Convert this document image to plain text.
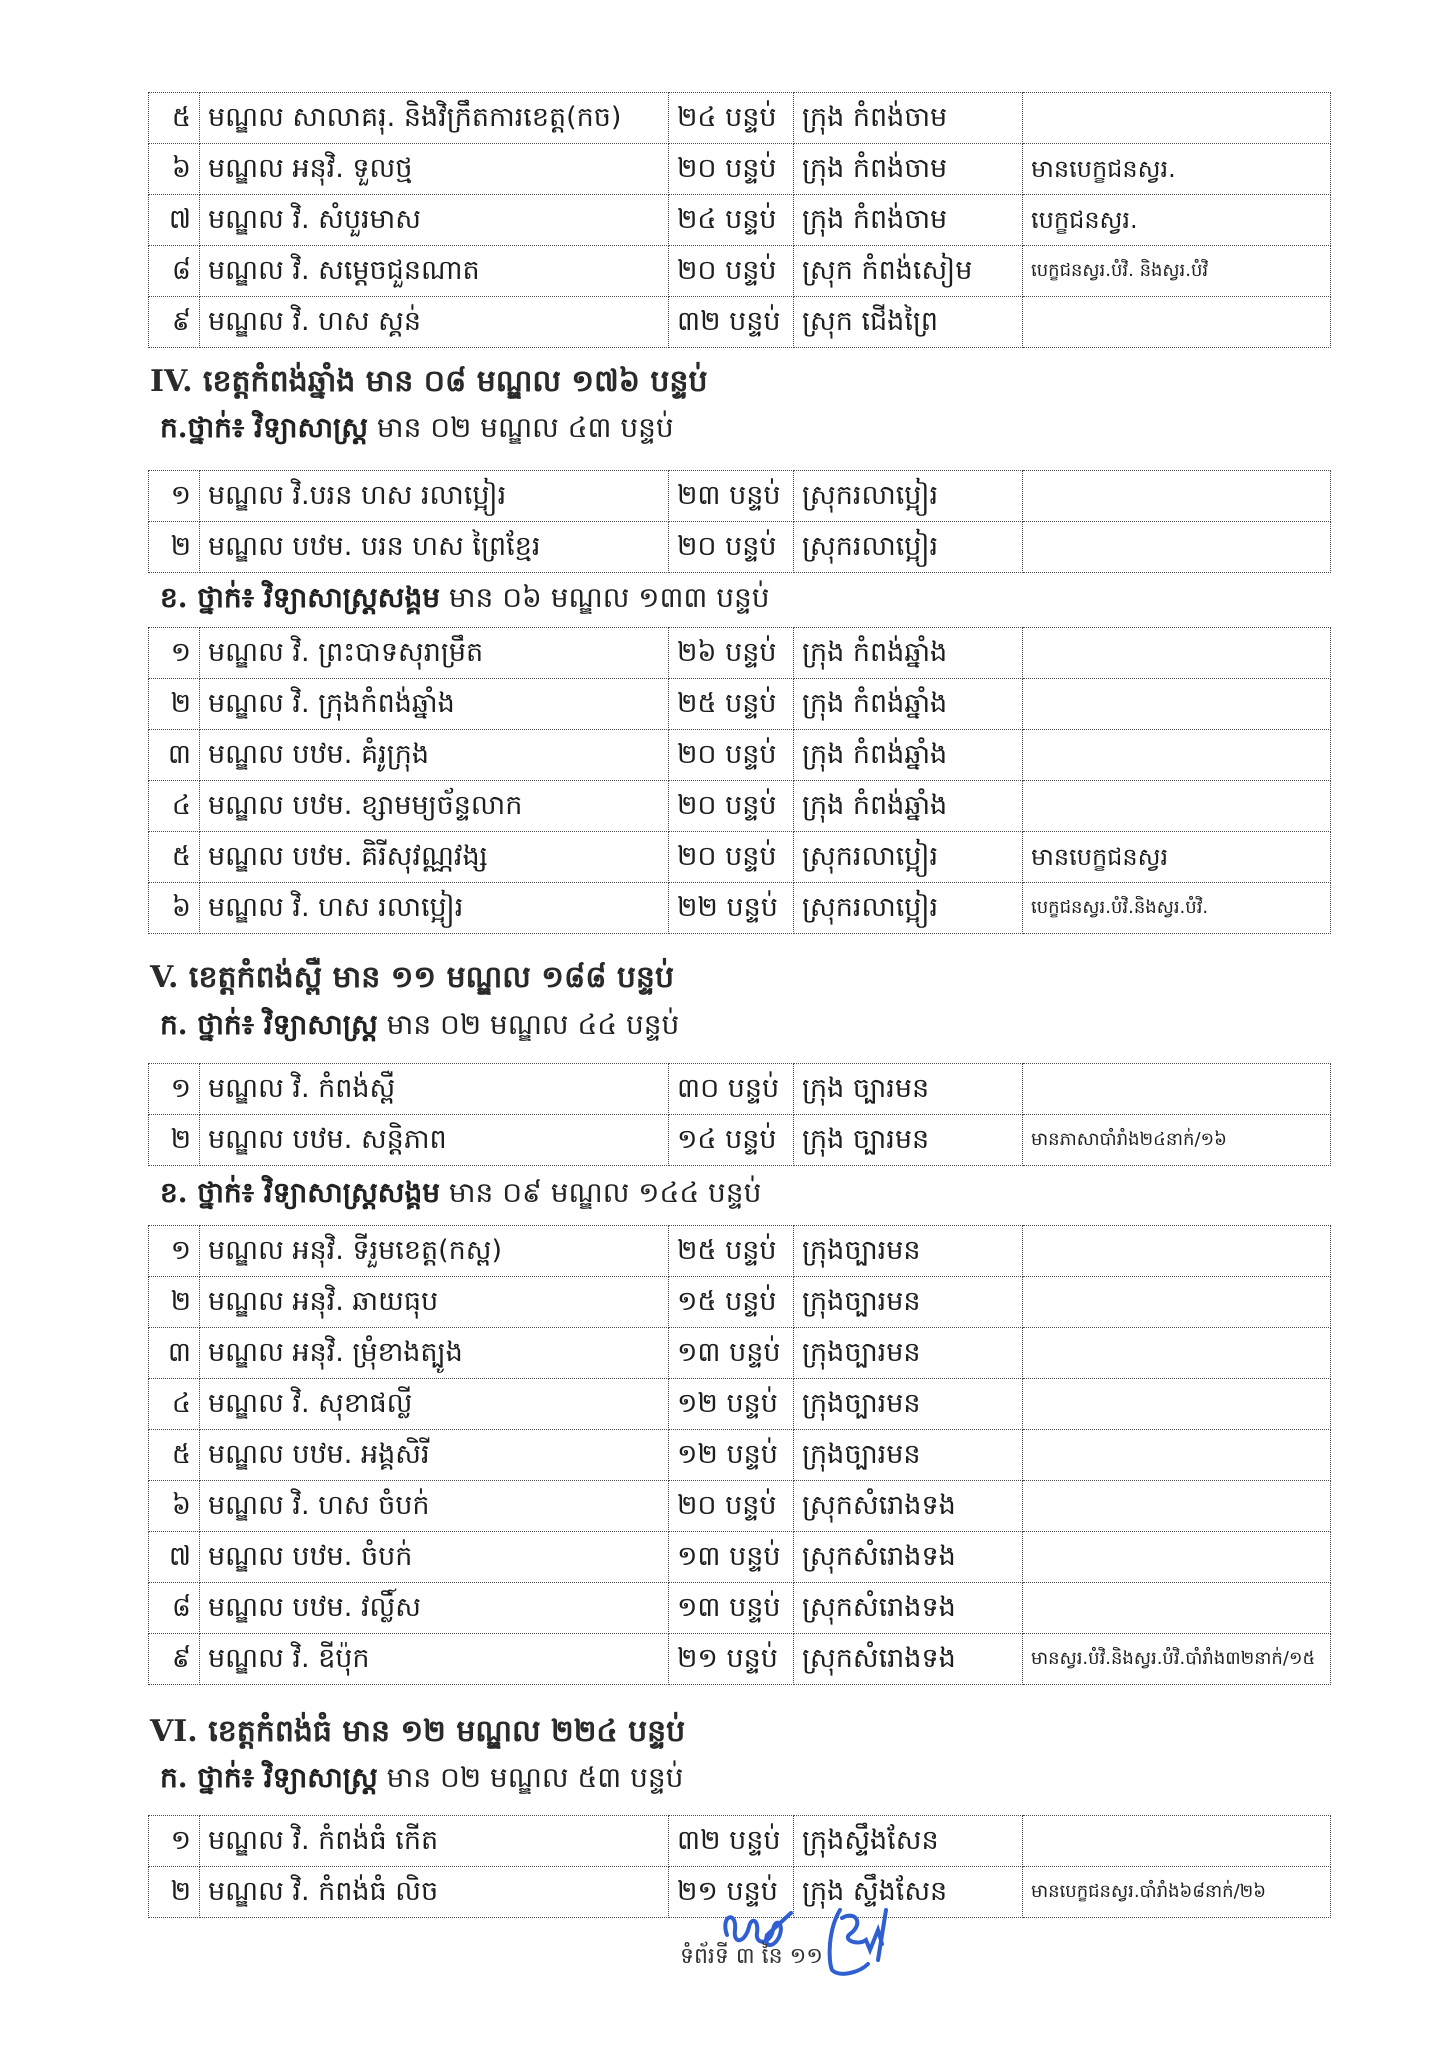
៥	មណ្ឌល សាលាគរុ. និងវិក្រឹតការខេត្ត(កច)	២៤ បន្ទប់	ក្រុង កំពង់ចាម	
៦	មណ្ឌល អនុវិ. ទួលថ្ម	២០ បន្ទប់	ក្រុង កំពង់ចាម	មានបេក្ខជនស្វរ.
៧	មណ្ឌល វិ. សំបួរមាស	២៤ បន្ទប់	ក្រុង កំពង់ចាម	បេក្ខជនស្វរ.
៨	មណ្ឌល វិ. សម្ដេចជួនណាត	២០ បន្ទប់	ស្រុក កំពង់សៀម	បេក្ខជនស្វរ.បំវិ. និងស្វរ.បំវិ
៩	មណ្ឌល វិ. ហស ស្គន់	៣២ បន្ទប់	ស្រុក ជើងព្រៃ	
IV. ខេត្តកំពង់ឆ្នាំង មាន ០៨ មណ្ឌល ១៧៦ បន្ទប់
ក.ថ្នាក់៖ វិទ្យាសាស្ត្រ មាន ០២ មណ្ឌល ៤៣ បន្ទប់
១	មណ្ឌល វិ.បរន ហស រលាប្អៀរ	២៣ បន្ទប់	ស្រុករលាប្អៀរ	
២	មណ្ឌល បឋម. បរន ហស ព្រៃខ្មែរ	២០ បន្ទប់	ស្រុករលាប្អៀរ	
ខ. ថ្នាក់៖ វិទ្យាសាស្ត្រសង្គម មាន ០៦ មណ្ឌល ១៣៣ បន្ទប់
១	មណ្ឌល វិ. ព្រះបាទសុរាម្រឹត	២៦ បន្ទប់	ក្រុង កំពង់ឆ្នាំង	
២	មណ្ឌល វិ. ក្រុងកំពង់ឆ្នាំង	២៥ បន្ទប់	ក្រុង កំពង់ឆ្នាំង	
៣	មណ្ឌល បឋម. គំរូក្រុង	២០ បន្ទប់	ក្រុង កំពង់ឆ្នាំង	
៤	មណ្ឌល បឋម. ខ្សាមម្យច័ន្ទលាក	២០ បន្ទប់	ក្រុង កំពង់ឆ្នាំង	
៥	មណ្ឌល បឋម. គិរីសុវណ្ណវង្ស	២០ បន្ទប់	ស្រុករលាប្អៀរ	មានបេក្ខជនស្វរ
៦	មណ្ឌល វិ. ហស រលាប្អៀរ	២២ បន្ទប់	ស្រុករលាប្អៀរ	បេក្ខជនស្វរ.បំវិ.និងស្វរ.បំវិ.
V. ខេត្តកំពង់ស្ពឺ មាន ១១ មណ្ឌល ១៨៨ បន្ទប់
ក. ថ្នាក់៖ វិទ្យាសាស្ត្រ មាន ០២ មណ្ឌល ៤៤ បន្ទប់
១	មណ្ឌល វិ. កំពង់ស្ពឺ	៣០ បន្ទប់	ក្រុង ច្បារមន	
២	មណ្ឌល បឋម. សន្តិភាព	១៤ បន្ទប់	ក្រុង ច្បារមន	មានភាសាបាំរាំង២៤នាក់/១៦
ខ. ថ្នាក់៖ វិទ្យាសាស្ត្រសង្គម មាន ០៩ មណ្ឌល ១៤៤ បន្ទប់
១	មណ្ឌល អនុវិ. ទីរួមខេត្ត(កស្ព)	២៥ បន្ទប់	ក្រុងច្បារមន	
២	មណ្ឌល អនុវិ. ឆាយធុប	១៥ បន្ទប់	ក្រុងច្បារមន	
៣	មណ្ឌល អនុវិ. ម្រុំខាងត្បូង	១៣ បន្ទប់	ក្រុងច្បារមន	
៤	មណ្ឌល វិ. សុខាផល្លី	១២ បន្ទប់	ក្រុងច្បារមន	
៥	មណ្ឌល បឋម. អង្គសិរី	១២ បន្ទប់	ក្រុងច្បារមន	
៦	មណ្ឌល វិ. ហស ចំបក់	២០ បន្ទប់	ស្រុកសំរោងទង	
៧	មណ្ឌល បឋម. ចំបក់	១៣ បន្ទប់	ស្រុកសំរោងទង	
៨	មណ្ឌល បឋម. វល្លិ៍ស	១៣ បន្ទប់	ស្រុកសំរោងទង	
៩	មណ្ឌល វិ. ឧីប៉ុក	២១ បន្ទប់	ស្រុកសំរោងទង	មានស្វរ.បំវិ.និងស្វរ.បំវិ.បាំរាំង៣២នាក់/១៥
VI. ខេត្តកំពង់ធំ មាន ១២ មណ្ឌល ២២៤ បន្ទប់
ក. ថ្នាក់៖ វិទ្យាសាស្ត្រ មាន ០២ មណ្ឌល ៥៣ បន្ទប់
១	មណ្ឌល វិ. កំពង់ធំ កើត	៣២ បន្ទប់	ក្រុងស្ទឹងសែន	
២	មណ្ឌល វិ. កំពង់ធំ លិច	២១ បន្ទប់	ក្រុង ស្ទឹងសែន	មានបេក្ខជនស្វរ.បាំរាំង៦៨នាក់/២៦
ទំព័រទី ៣ នៃ ១១
